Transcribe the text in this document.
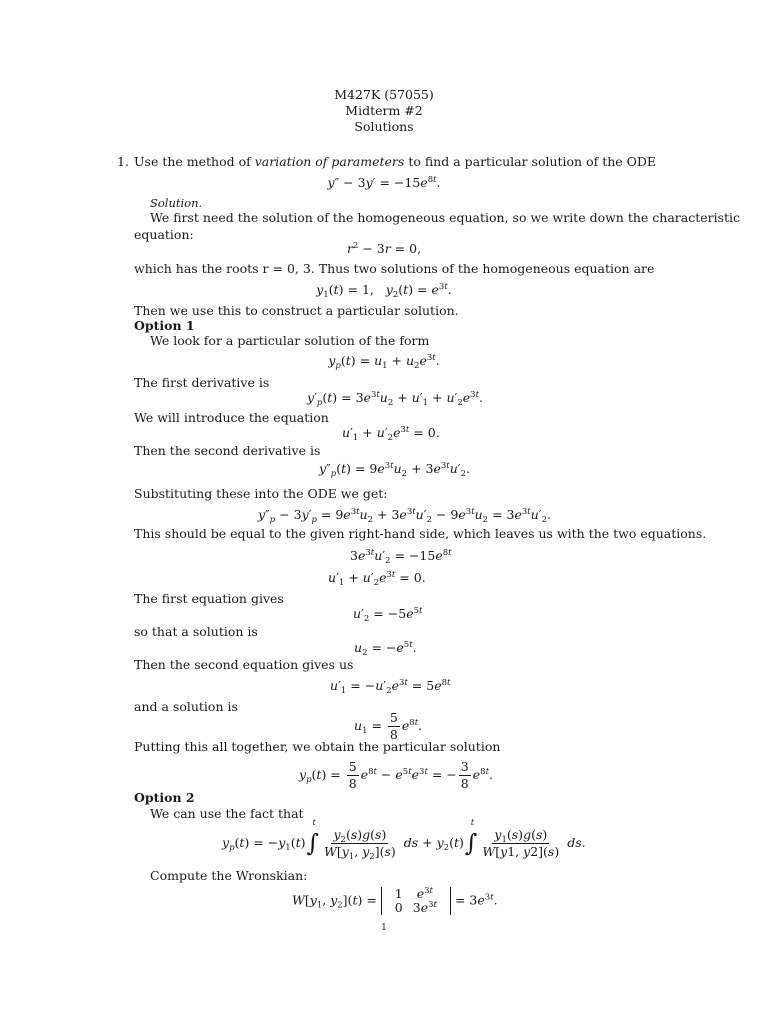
M427K (57055)
Midterm #2
Solutions
1. Use the method of variation of parameters to find a particular solution of the ODE
$y'' - 3y' = -15e^{8t}$.
Solution.
We first need the solution of the homogeneous equation, so we write down the characteristic
equation:
$r^2 - 3r = 0$,
which has the roots r = 0, 3. Thus two solutions of the homogeneous equation are
$y_1(t) = 1$,   $y_2(t) = e^{3t}$.
Then we use this to construct a particular solution.
Option 1
We look for a particular solution of the form
$y_p(t) = u_1 + u_2e^{3t}$.
The first derivative is
$y'_p(t) = 3e^{3t}u_2 + u'_1 + u'_2e^{3t}$.
We will introduce the equation
$u'_1 + u'_2e^{3t} = 0$.
Then the second derivative is
$y''_p(t) = 9e^{3t}u_2 + 3e^{3t}u'_2$.
Substituting these into the ODE we get:
$y''_p - 3y'_p = 9e^{3t}u_2 + 3e^{3t}u'_2 - 9e^{3t}u_2 = 3e^{3t}u'_2$.
This should be equal to the given right-hand side, which leaves us with the two equations.
$3e^{3t}u'_2 = -15e^{8t}$
$u'_1 + u'_2e^{3t} = 0$.
The first equation gives
$u'_2 = -5e^{5t}$
so that a solution is
$u_2 = -e^{5t}$.
Then the second equation gives us
$u'_1 = -u'_2e^{3t} = 5e^{8t}$
and a solution is
$u_1 = \frac{5}{8} e^{8t}$.
Putting this all together, we obtain the particular solution
$y_p(t) = \frac{5}{8} e^{8t} - e^{5t}e^{3t}$ = − $\frac{3}{8} e^{8t}$.
Option 2
We can use the fact that
$y_p(t) = -y_1(t)\int$
t
$\frac{y_2(s)g(s)}{W[y_1, y_2](s)}$ ds + $y_2(t)\int$
t
$\frac{y_1(s)g(s)}{W[y1, y2](s)}$ ds.
Compute the Wronskian:
$W[y_1$, $y_2](t) = 1$	$e^{3t}$
0	$3e^{3t} = 3e^{3t}$.
1
